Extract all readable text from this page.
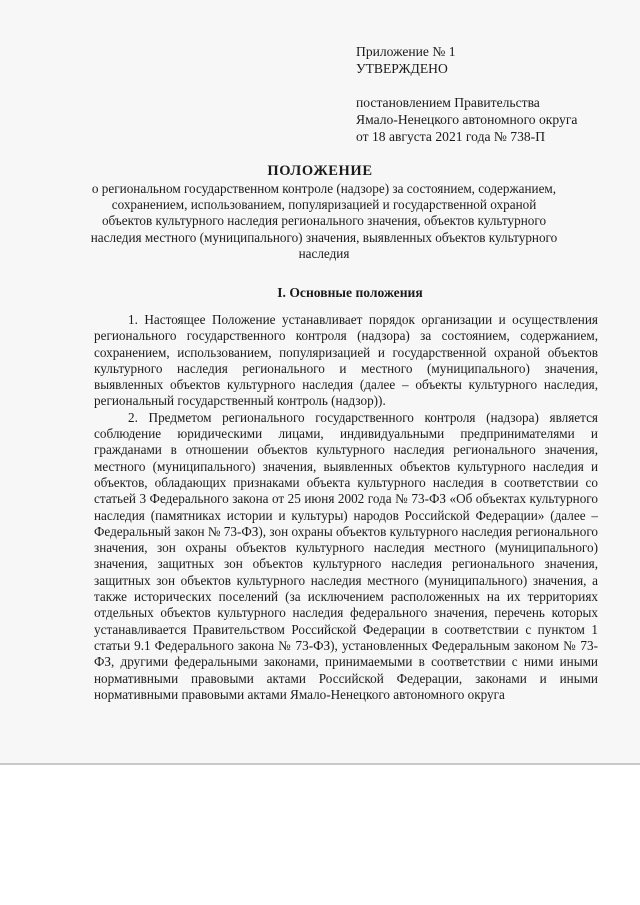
Приложение № 1
УТВЕРЖДЕНО
постановлением Правительства
Ямало-Ненецкого автономного округа
от 18 августа 2021 года № 738-П
ПОЛОЖЕНИЕ
о региональном государственном контроле (надзоре) за состоянием, содержанием, сохранением, использованием, популяризацией и государственной охраной объектов культурного наследия регионального значения, объектов культурного наследия местного (муниципального) значения, выявленных объектов культурного наследия
I. Основные положения

1. Настоящее Положение устанавливает порядок организации и осуществления регионального государственного контроля (надзора) за состоянием, содержанием, сохранением, использованием, популяризацией и государственной охраной объектов культурного наследия регионального и местного (муниципального) значения, выявленных объектов культурного наследия (далее – объекты культурного наследия, региональный государственный контроль (надзор)).

2. Предметом регионального государственного контроля (надзора) является соблюдение юридическими лицами, индивидуальными предпринимателями и гражданами в отношении объектов культурного наследия регионального значения, местного (муниципального) значения, выявленных объектов культурного наследия и объектов, обладающих признаками объекта культурного наследия в соответствии со статьей 3 Федерального закона от 25 июня 2002 года № 73-ФЗ «Об объектах культурного наследия (памятниках истории и культуры) народов Российской Федерации» (далее – Федеральный закон № 73-ФЗ), зон охраны объектов культурного наследия регионального значения, зон охраны объектов культурного наследия местного (муниципального) значения, защитных зон объектов культурного наследия регионального значения, защитных зон объектов культурного наследия местного (муниципального) значения, а также исторических поселений (за исключением расположенных на их территориях отдельных объектов культурного наследия федерального значения, перечень которых устанавливается Правительством Российской Федерации в соответствии с пунктом 1 статьи 9.1 Федерального закона № 73-ФЗ), установленных Федеральным законом № 73-ФЗ, другими федеральными законами, принимаемыми в соответствии с ними иными нормативными правовыми актами Российской Федерации, законами и иными нормативными правовыми актами Ямало-Ненецкого автономного округа
